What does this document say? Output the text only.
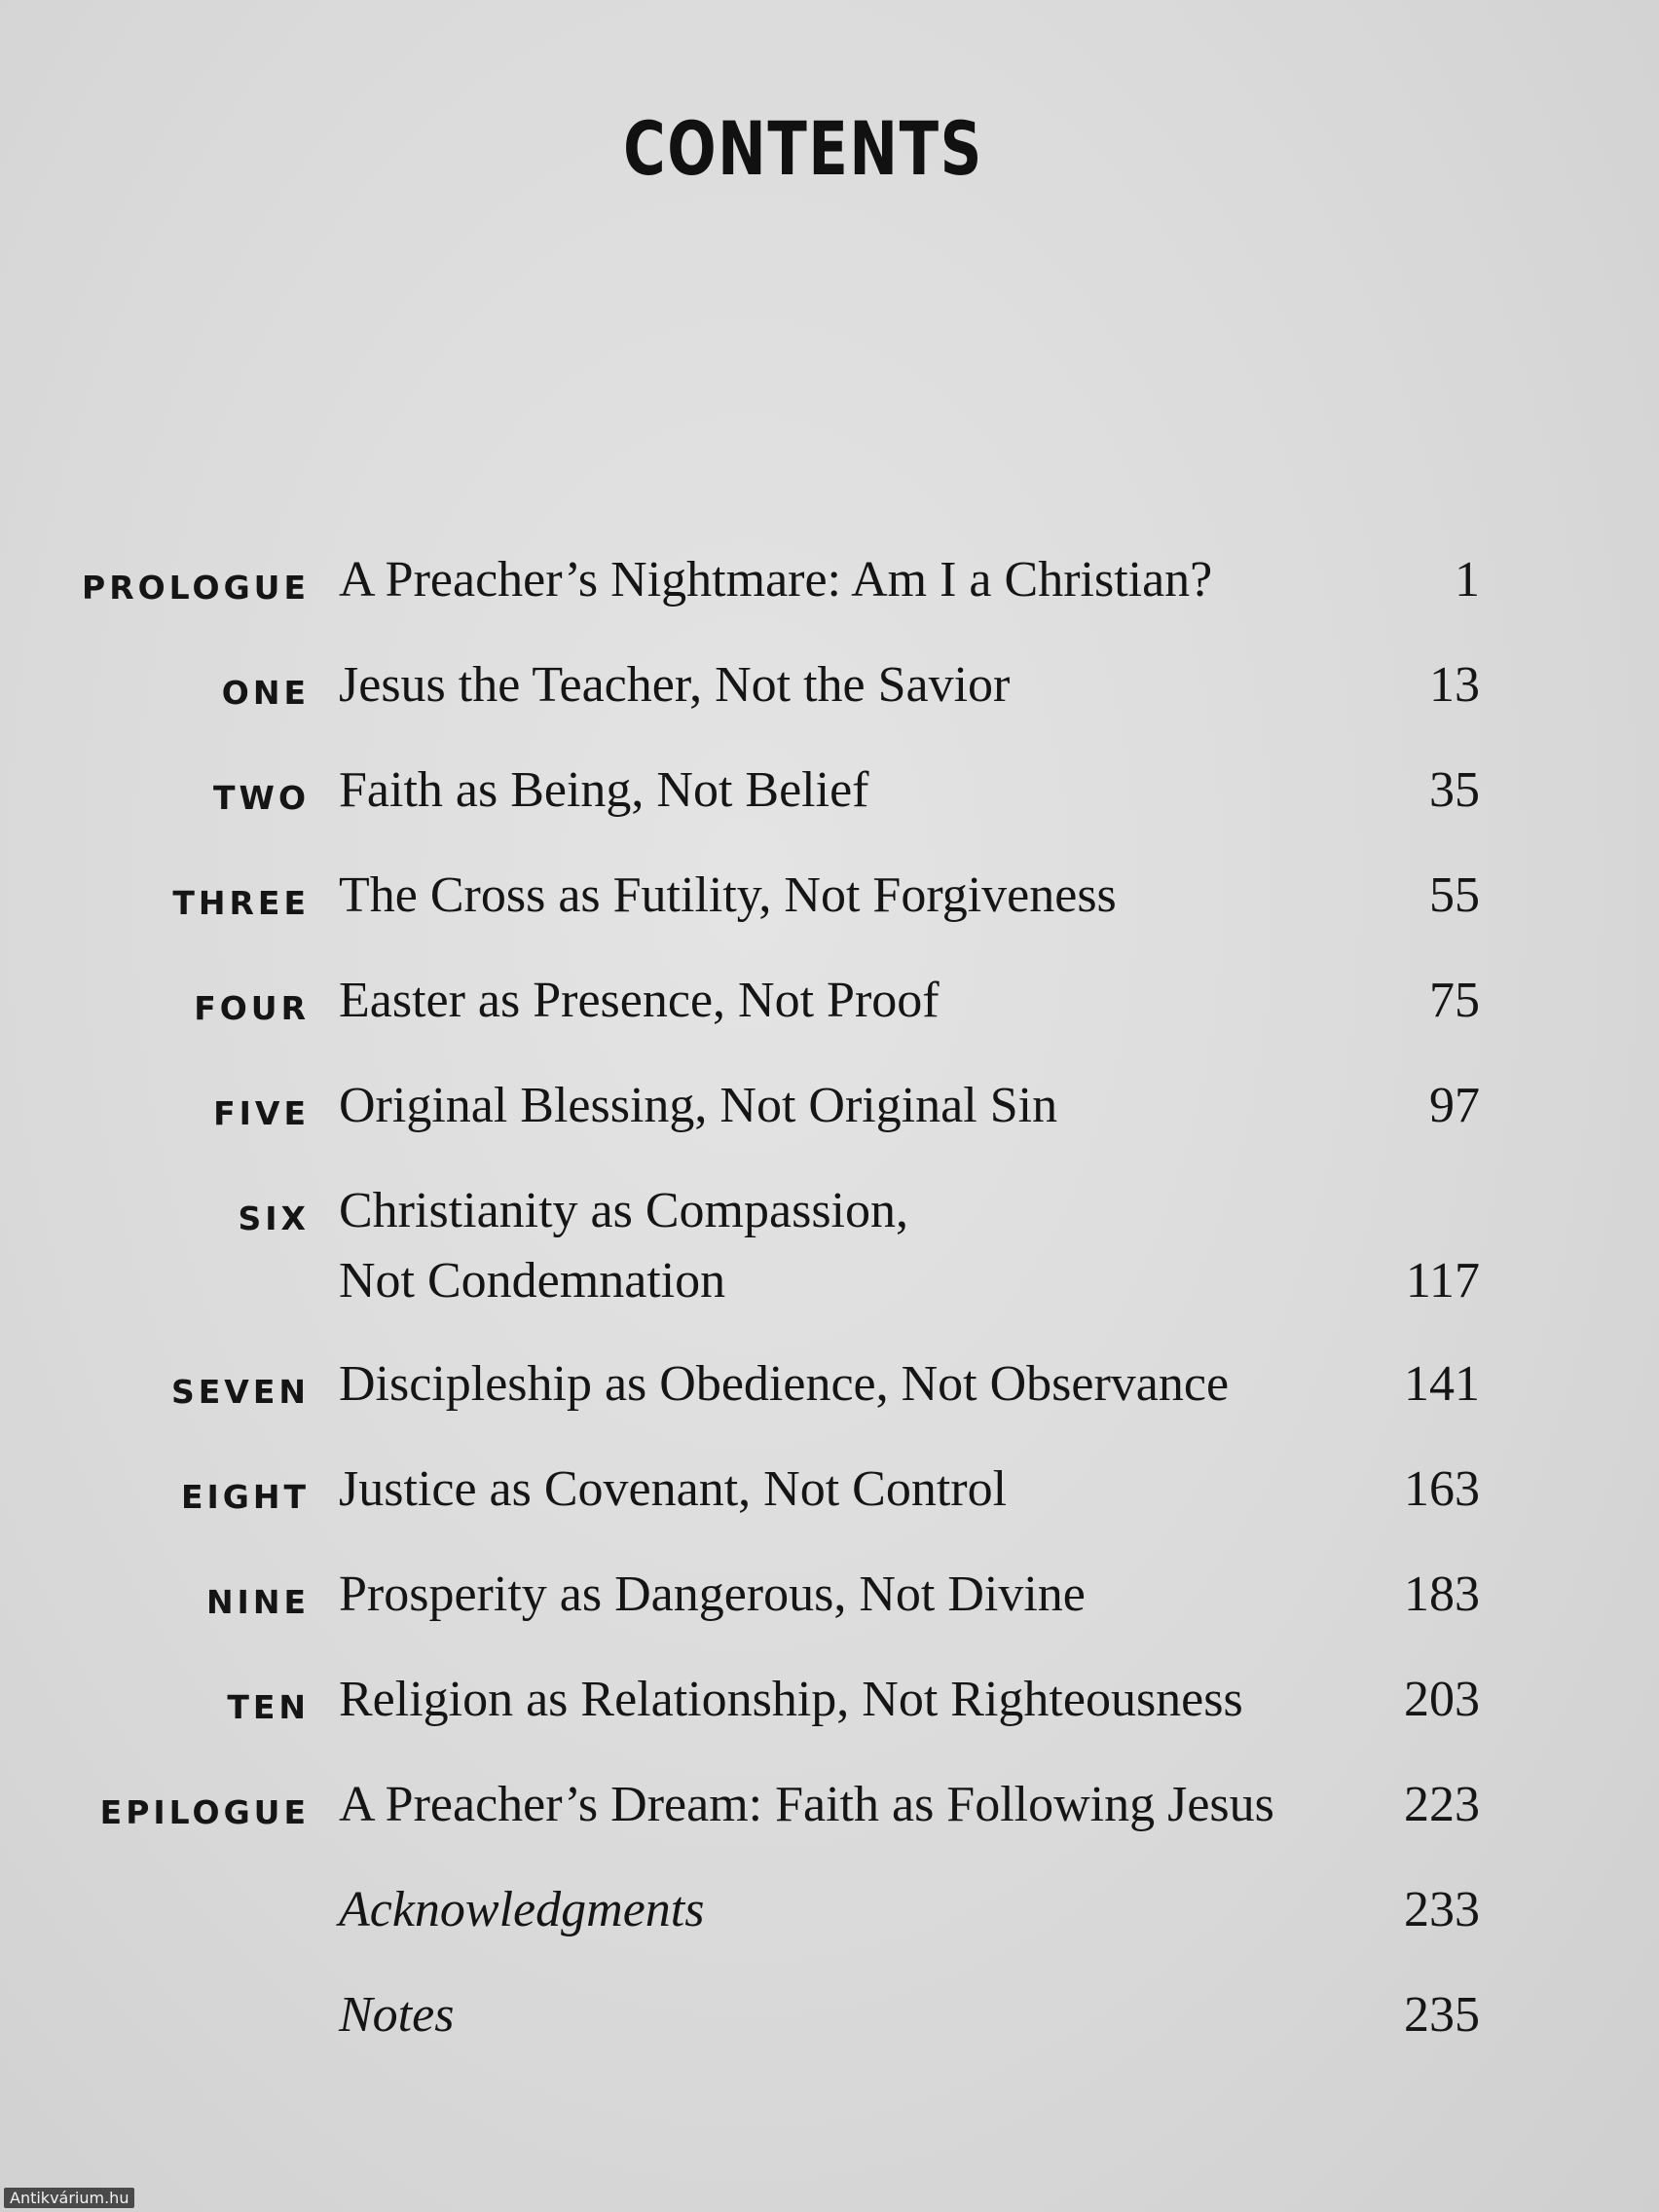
CONTENTS
PROLOGUE A Preacher’s Nightmare: Am I a Christian?	1
ONE Jesus the Teacher, Not the Savior	13
TWO Faith as Being, Not Belief	35
THREE The Cross as Futility, Not Forgiveness	55
FOUR Easter as Presence, Not Proof	75
FIVE Original Blessing, Not Original Sin	97
SIX Christianity as Compassion,
Not Condemnation	117
SEVEN Discipleship as Obedience, Not Observance	141
EIGHT Justice as Covenant, Not Control	163
NINE Prosperity as Dangerous, Not Divine	183
TEN Religion as Relationship, Not Righteousness	203
EPILOGUE A Preacher’s Dream: Faith as Following Jesus	223
Acknowledgments	233
Notes	235
Antikvárium.hu
